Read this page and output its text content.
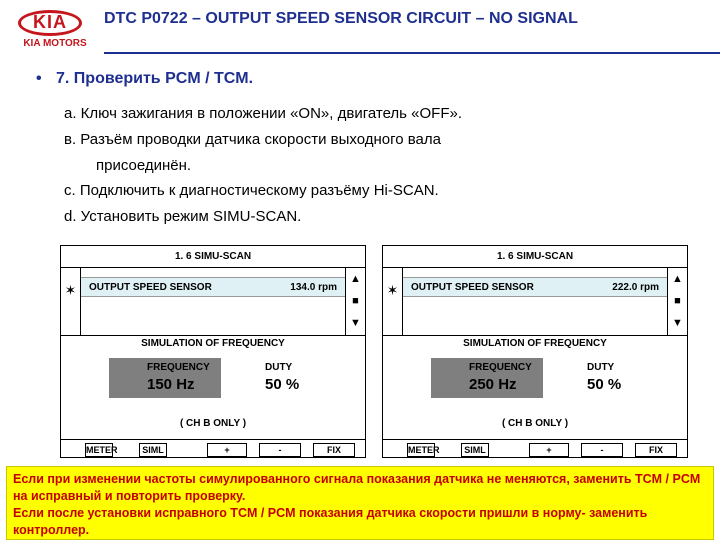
KIA
KIA MOTORS
DTC P0722 – OUTPUT SPEED SENSOR CIRCUIT – NO SIGNAL
• 7. Проверить PCM / TCM.
a. Ключ зажигания в положении «ON», двигатель «OFF».
в. Разъём проводки датчика скорости выходного вала
присоединён.
c. Подключить к диагностическому разъёму Hi-SCAN.
d. Установить режим SIMU-SCAN.
1. 6 SIMU-SCAN
✶	OUTPUT SPEED SENSOR	134.0 rpm
▲
■
▼
SIMULATION OF FREQUENCY
FREQUENCY
150 Hz
DUTY
50 %
( CH B ONLY )
METER	SIML	+	-	FIX
1. 6 SIMU-SCAN
✶	OUTPUT SPEED SENSOR	222.0 rpm
▲
■
▼
SIMULATION OF FREQUENCY
FREQUENCY
250 Hz
DUTY
50 %
( CH B ONLY )
METER	SIML	+	-	FIX

Если при изменении частоты симулированного сигнала показания датчика не меняются, заменить TCM / PCM на исправный и повторить проверку.

Если после установки исправного TCM / PCM показания датчика скорости пришли в норму- заменить контроллер.
